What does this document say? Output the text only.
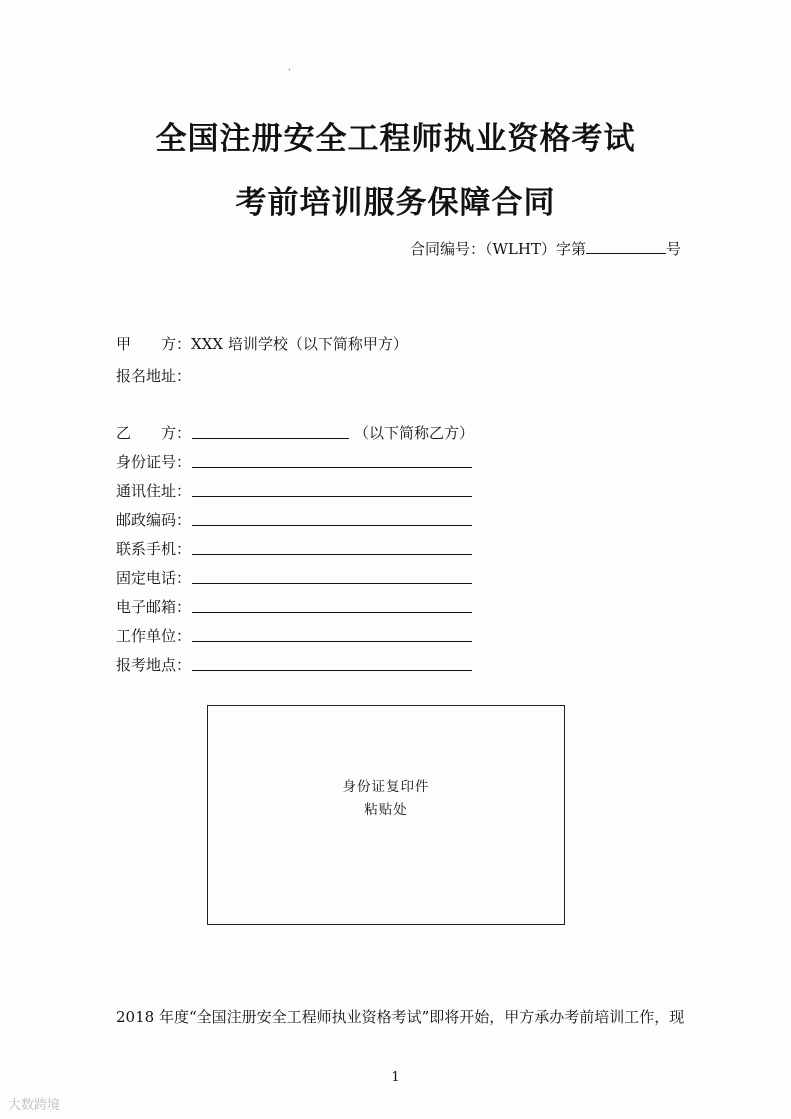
٠
全国注册安全工程师执业资格考试
考前培训服务保障合同
合同编号：（WLHT）字第	号
甲　　方：XXX 培训学校（以下简称甲方）
报名地址：
乙　　方：	（以下简称乙方）
身份证号：
通讯住址：
邮政编码：
联系手机：
固定电话：
电子邮箱：
工作单位：
报考地点：
身份证复印件
粘贴处
2018 年度“全国注册安全工程师执业资格考试”即将开始，甲方承办考前培训工作，现
1
大数跨境
